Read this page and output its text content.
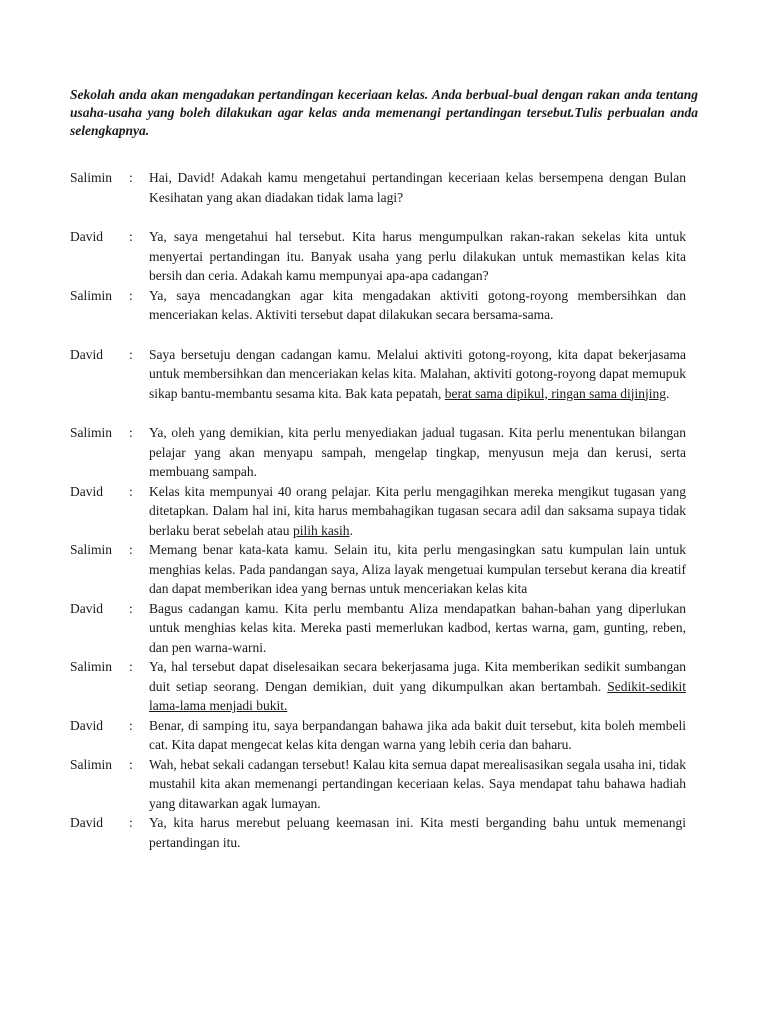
Sekolah anda akan mengadakan pertandingan keceriaan kelas. Anda berbual-bual dengan rakan anda tentang usaha-usaha yang boleh dilakukan agar kelas anda memenangi pertandingan tersebut.Tulis perbualan anda selengkapnya.
Salimin : Hai, David! Adakah kamu mengetahui pertandingan keceriaan kelas bersempena dengan Bulan Kesihatan yang akan diadakan tidak lama lagi?
David	: Ya, saya mengetahui hal tersebut. Kita harus mengumpulkan rakan-rakan sekelas kita untuk menyertai pertandingan itu. Banyak usaha yang perlu dilakukan untuk memastikan kelas kita bersih dan ceria. Adakah kamu mempunyai apa-apa cadangan?
Salimin : Ya, saya mencadangkan agar kita mengadakan aktiviti gotong-royong membersihkan dan menceriakan kelas. Aktiviti tersebut dapat dilakukan secara bersama-sama.
David	: Saya bersetuju dengan cadangan kamu. Melalui aktiviti gotong-royong, kita dapat bekerjasama untuk membersihkan dan menceriakan kelas kita. Malahan, aktiviti gotong-royong dapat memupuk sikap bantu-membantu sesama kita. Bak kata pepatah, berat sama dipikul, ringan sama dijinjing.
Salimin : Ya, oleh yang demikian, kita perlu menyediakan jadual tugasan. Kita perlu menentukan bilangan pelajar yang akan menyapu sampah, mengelap tingkap, menyusun meja dan kerusi, serta membuang sampah.
David	: Kelas kita mempunyai 40 orang pelajar. Kita perlu mengagihkan mereka mengikut tugasan yang ditetapkan. Dalam hal ini, kita harus membahagikan tugasan secara adil dan saksama supaya tidak berlaku berat sebelah atau pilih kasih.
Salimin : Memang benar kata-kata kamu. Selain itu, kita perlu mengasingkan satu kumpulan lain untuk menghias kelas. Pada pandangan saya, Aliza layak mengetuai kumpulan tersebut kerana dia kreatif dan dapat memberikan idea yang bernas untuk menceriakan kelas kita
David	: Bagus cadangan kamu. Kita perlu membantu Aliza mendapatkan bahan-bahan yang diperlukan untuk menghias kelas kita. Mereka pasti memerlukan kadbod, kertas warna, gam, gunting, reben, dan pen warna-warni.
Salimin : Ya, hal tersebut dapat diselesaikan secara bekerjasama juga. Kita memberikan sedikit sumbangan duit setiap seorang. Dengan demikian, duit yang dikumpulkan akan bertambah. Sedikit-sedikit lama-lama menjadi bukit.
David	: Benar, di samping itu, saya berpandangan bahawa jika ada bakit duit tersebut, kita boleh membeli cat. Kita dapat mengecat kelas kita dengan warna yang lebih ceria dan baharu.
Salimin : Wah, hebat sekali cadangan tersebut! Kalau kita semua dapat merealisasikan segala usaha ini, tidak mustahil kita akan memenangi pertandingan keceriaan kelas. Saya mendapat tahu bahawa hadiah yang ditawarkan agak lumayan.
David	: Ya, kita harus merebut peluang keemasan ini. Kita mesti berganding bahu untuk memenangi pertandingan itu.
